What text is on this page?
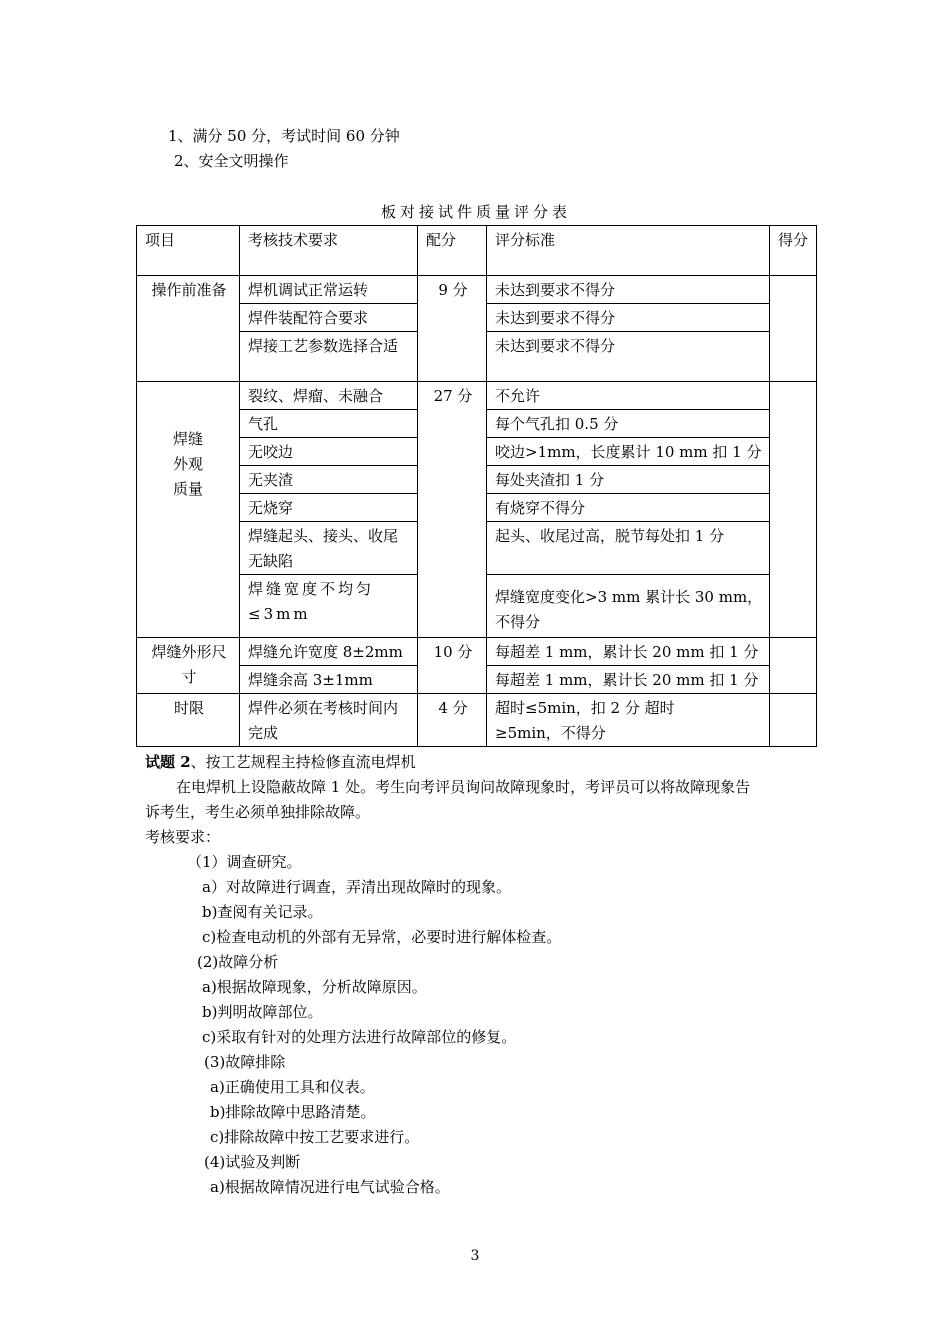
1、满分 50 分，考试时间 60 分钟
2、安全文明操作
板对接试件质量评分表
项目	考核技术要求	配分	评分标准	得分
操作前准备	焊机调试正常运转	9 分	未达到要求不得分	
	焊件装配符合要求		未达到要求不得分	
	焊接工艺参数选择合适		未达到要求不得分	
焊缝外观质量	裂纹、焊瘤、未融合	27 分	不允许	
	气孔		每个气孔扣 0.5 分	
	无咬边		咬边>1mm，长度累计 10 mm 扣 1 分	
	无夹渣		每处夹渣扣 1 分	
	无烧穿		有烧穿不得分	
	焊缝起头、接头、收尾无缺陷		起头、收尾过高，脱节每处扣 1 分	
	焊缝宽度不均匀≤3mm		焊缝宽度变化>3 mm 累计长 30 mm，不得分	
焊缝外形尺寸	焊缝允许宽度 8±2mm	10 分	每超差 1 mm，累计长 20 mm 扣 1 分	
	焊缝余高 3±1mm		每超差 1 mm，累计长 20 mm 扣 1 分	
时限	焊件必须在考核时间内完成	4 分	超时≤5min，扣 2 分 超时≥5min，不得分	
试题 2、按工艺规程主持检修直流电焊机
在电焊机上设隐蔽故障 1 处。考生向考评员询问故障现象时，考评员可以将故障现象告
诉考生，考生必须单独排除故障。
考核要求：
（1）调查研究。
a）对故障进行调查，弄清出现故障时的现象。
b)查阅有关记录。
c)检查电动机的外部有无异常，必要时进行解体检查。
(2)故障分析
a)根据故障现象，分析故障原因。
b)判明故障部位。
c)采取有针对的处理方法进行故障部位的修复。
(3)故障排除
a)正确使用工具和仪表。
b)排除故障中思路清楚。
c)排除故障中按工艺要求进行。
(4)试验及判断
a)根据故障情况进行电气试验合格。
3
